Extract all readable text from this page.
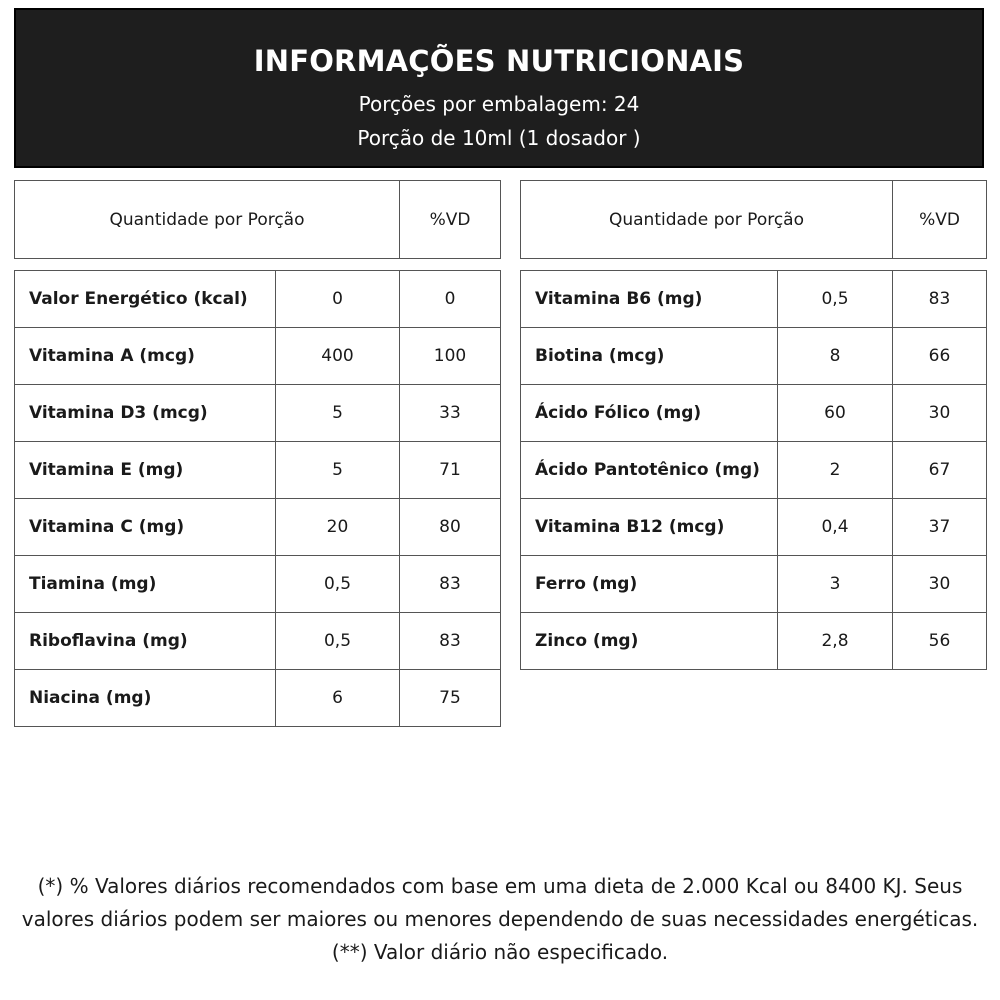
INFORMAÇÕES NUTRICIONAIS
Porções por embalagem: 24
Porção de 10ml (1 dosador )
Quantidade por Porção	%VD	Quantidade por Porção	%VD
Valor Energético (kcal)	0	0
Vitamina A (mcg)	400	100
Vitamina D3 (mcg)	5	33
Vitamina E (mg)	5	71
Vitamina C (mg)	20	80
Tiamina (mg)	0,5	83
Riboflavina (mg)	0,5	83
Niacina (mg)	6	75
Vitamina B6 (mg)	0,5	83
Biotina (mcg)	8	66
Ácido Fólico (mg)	60	30
Ácido Pantotênico (mg)	2	67
Vitamina B12 (mcg)	0,4	37
Ferro (mg)	3	30
Zinco (mg)	2,8	56
(*) % Valores diários recomendados com base em uma dieta de 2.000 Kcal ou 8400 KJ. Seus valores diários podem ser maiores ou menores dependendo de suas necessidades energéticas. (**) Valor diário não especificado.
